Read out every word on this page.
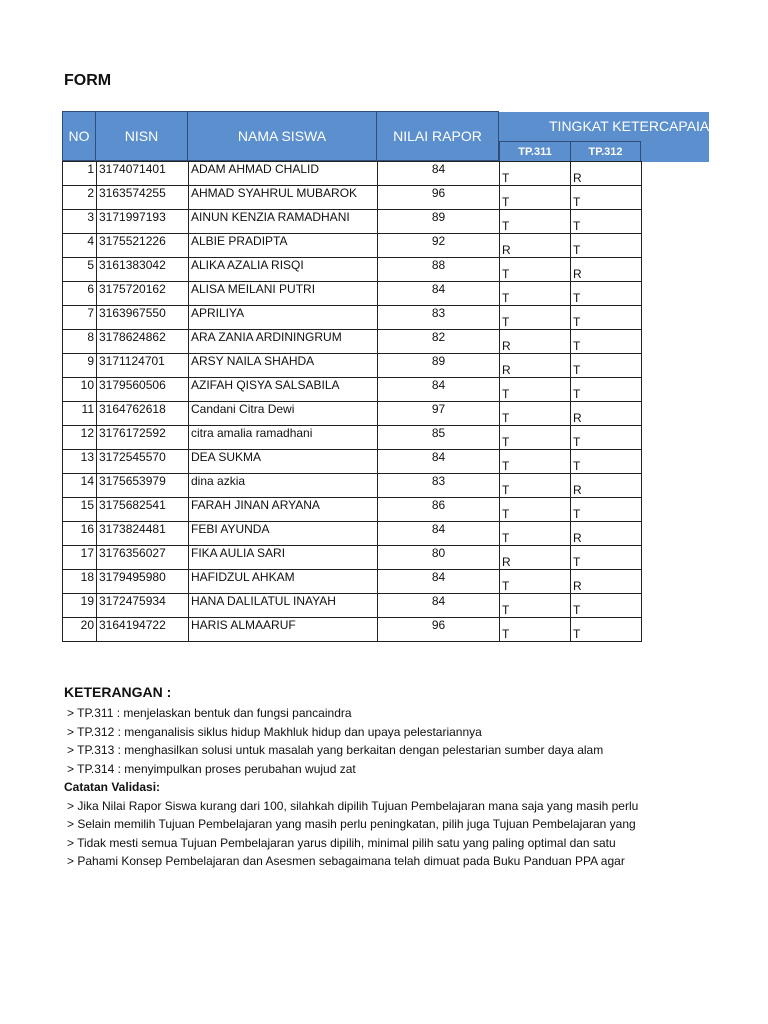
FORM
NO	NISN	NAMA SISWA	NILAI RAPOR
TINGKAT KETERCAPAIAN
TP.311	TP.312
1	3174071401	ADAM AHMAD CHALID	84	T	R
2	3163574255	AHMAD SYAHRUL MUBAROK	96	T	T
3	3171997193	AINUN KENZIA RAMADHANI	89	T	T
4	3175521226	ALBIE PRADIPTA	92	R	T
5	3161383042	ALIKA AZALIA RISQI	88	T	R
6	3175720162	ALISA MEILANI PUTRI	84	T	T
7	3163967550	APRILIYA	83	T	T
8	3178624862	ARA ZANIA ARDININGRUM	82	R	T
9	3171124701	ARSY NAILA SHAHDA	89	R	T
10	3179560506	AZIFAH QISYA SALSABILA	84	T	T
11	3164762618	Candani Citra Dewi	97	T	R
12	3176172592	citra amalia ramadhani	85	T	T
13	3172545570	DEA SUKMA	84	T	T
14	3175653979	dina azkia	83	T	R
15	3175682541	FARAH JINAN ARYANA	86	T	T
16	3173824481	FEBI AYUNDA	84	T	R
17	3176356027	FIKA AULIA SARI	80	R	T
18	3179495980	HAFIDZUL AHKAM	84	T	R
19	3172475934	HANA DALILATUL INAYAH	84	T	T
20	3164194722	HARIS ALMAARUF	96	T	T
KETERANGAN :
> TP.311 : menjelaskan bentuk dan fungsi pancaindra
> TP.312 : menganalisis siklus hidup Makhluk hidup dan upaya pelestariannya
> TP.313 : menghasilkan solusi untuk masalah yang berkaitan dengan pelestarian sumber daya alam
> TP.314 : menyimpulkan proses perubahan wujud zat
Catatan Validasi:
> Jika Nilai Rapor Siswa kurang dari 100, silahkah dipilih Tujuan Pembelajaran mana saja yang masih perlu
> Selain memilih Tujuan Pembelajaran yang masih perlu peningkatan, pilih juga Tujuan Pembelajaran yang
> Tidak mesti semua Tujuan Pembelajaran yarus dipilih, minimal pilih satu yang paling optimal dan satu
> Pahami Konsep Pembelajaran dan Asesmen sebagaimana telah dimuat pada Buku Panduan PPA agar
